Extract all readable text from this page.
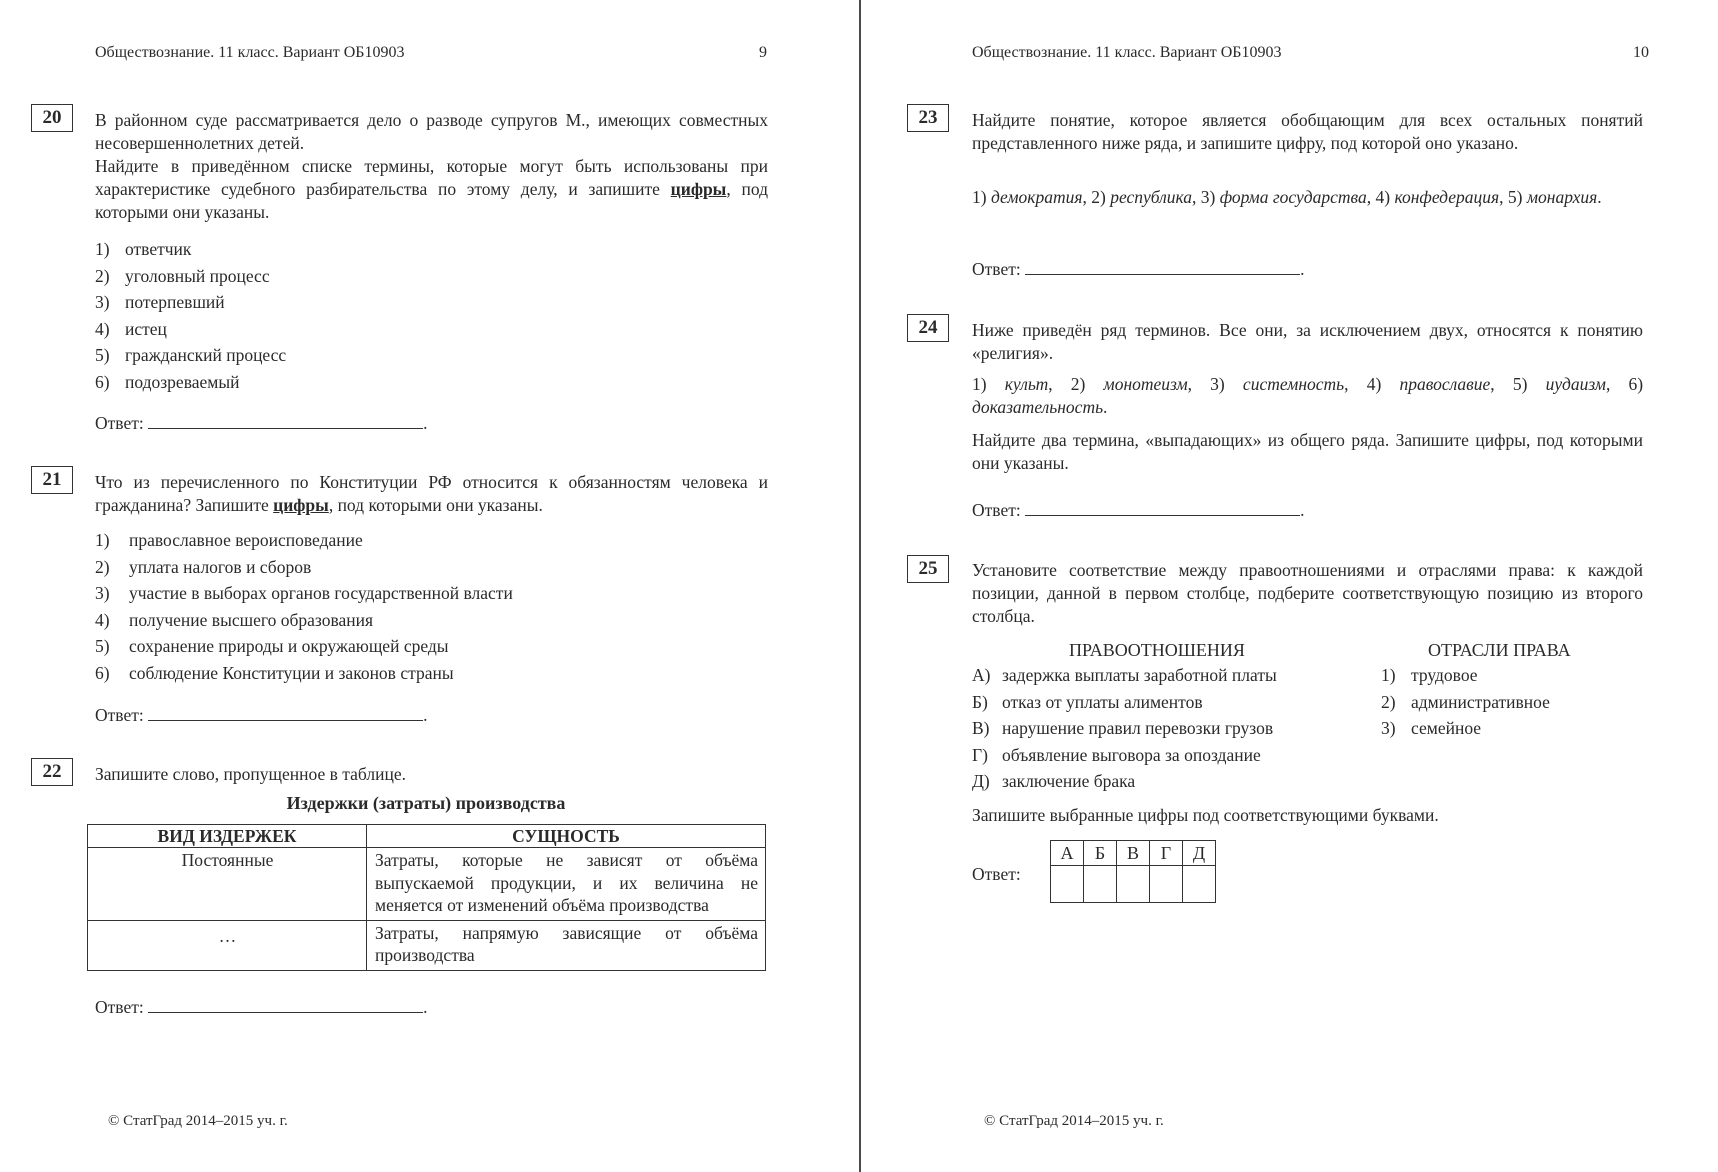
Обществознание. 11 класс. Вариант ОБ10903	9
20	В районном суде рассматривается дело о разводе супругов М., имеющих совместных несовершеннолетних детей.
Найдите в приведённом списке термины, которые могут быть использованы при характеристике судебного разбирательства по этому делу, и запишите цифры, под которыми они указаны.
1) ответчик
2) уголовный процесс
3) потерпевший
4) истец
5) гражданский процесс
6) подозреваемый
Ответ:	.
21	Что из перечисленного по Конституции РФ относится к обязанностям человека и гражданина? Запишите цифры, под которыми они указаны.
1)	православное вероисповедание
2)	уплата налогов и сборов
3)	участие в выборах органов государственной власти
4)	получение высшего образования
5)	сохранение природы и окружающей среды
6)	соблюдение Конституции и законов страны
Ответ:	.
22	Запишите слово, пропущенное в таблице.
Издержки (затраты) производства
ВИД ИЗДЕРЖЕК	СУЩНОСТЬ
Постоянные	Затраты, которые не зависят от объёма выпускаемой продукции, и их величина не меняется от изменений объёма производства
…	Затраты, напрямую зависящие от объёма производства
Ответ:	.
© СтатГрад 2014–2015 уч. г.
Обществознание. 11 класс. Вариант ОБ10903	10
23	Найдите понятие, которое является обобщающим для всех остальных понятий представленного ниже ряда, и запишите цифру, под которой оно указано.
1) демократия, 2) республика, 3) форма государства, 4) конфедерация, 5) монархия.
Ответ:	.
24	Ниже приведён ряд терминов. Все они, за исключением двух, относятся к понятию «религия».
1) культ, 2) монотеизм, 3) системность, 4) православие, 5) иудаизм, 6) доказательность.
Найдите два термина, «выпадающих» из общего ряда. Запишите цифры, под которыми они указаны.
Ответ:	.
25	Установите соответствие между правоотношениями и отраслями права: к каждой позиции, данной в первом столбце, подберите соответствующую позицию из второго столбца.
ПРАВООТНОШЕНИЯ	ОТРАСЛИ ПРАВА
А) задержка выплаты заработной платы
Б) отказ от уплаты алиментов
В) нарушение правил перевозки грузов
Г) объявление выговора за опоздание
Д) заключение брака
1) трудовое
2) административное
3) семейное
Запишите выбранные цифры под соответствующими буквами.
Ответ:
А	Б	В	Г	Д

© СтатГрад 2014–2015 уч. г.
